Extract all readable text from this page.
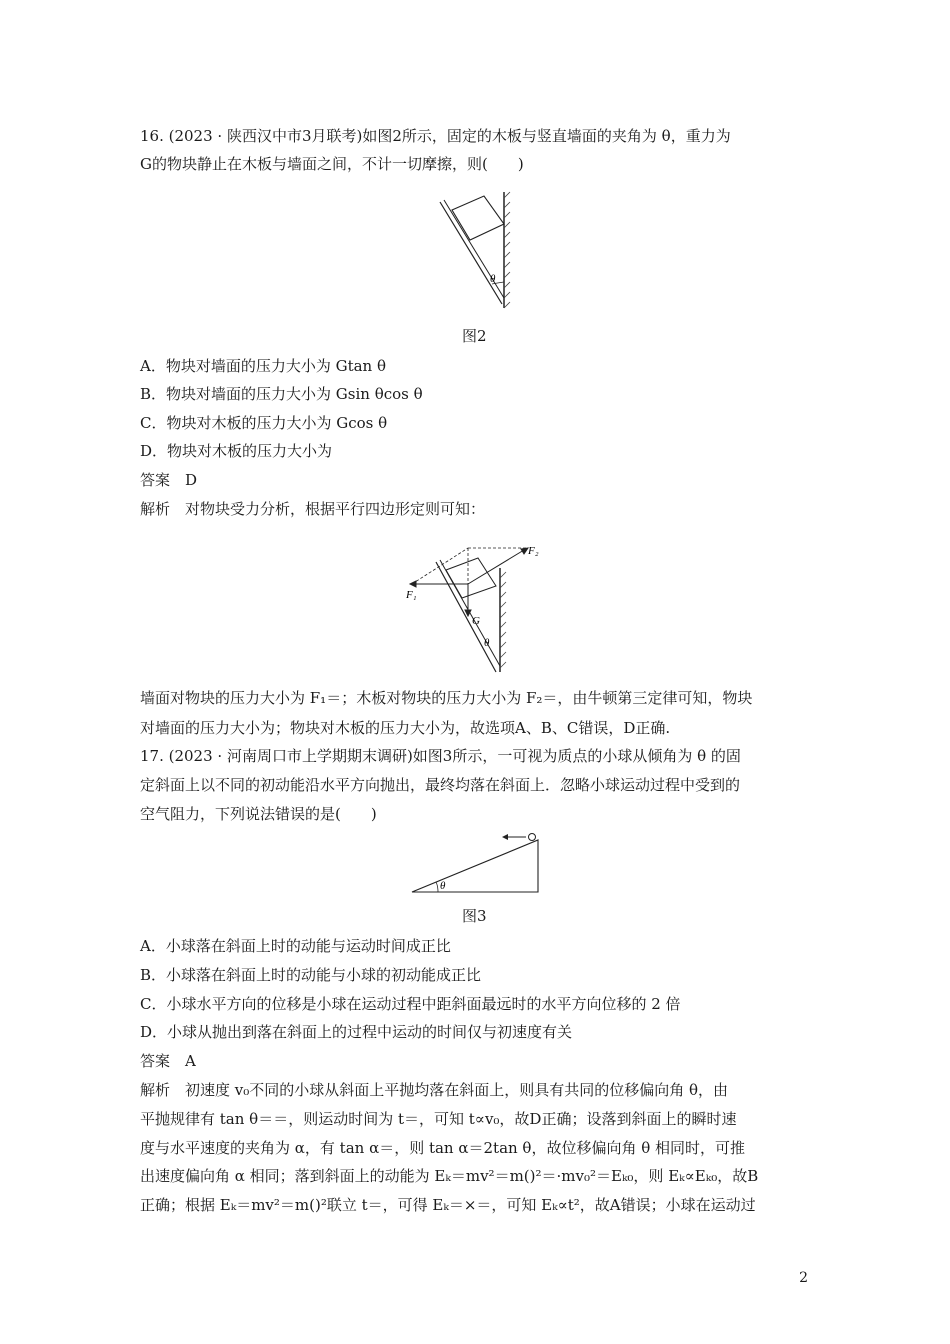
16. (2023 · 陕西汉中市3月联考)如图2所示，固定的木板与竖直墙面的夹角为 θ，重力为
G的物块静止在木板与墙面之间，不计一切摩擦，则(　　)
θ
图2
A．物块对墙面的压力大小为 Gtan θ
B．物块对墙面的压力大小为 Gsin θcos θ
C．物块对木板的压力大小为 Gcos θ
D．物块对木板的压力大小为
答案　D
解析　对物块受力分析，根据平行四边形定则可知：
F₂
F₁
G
θ
墙面对物块的压力大小为 F₁＝；木板对物块的压力大小为 F₂＝，由牛顿第三定律可知，物块
对墙面的压力大小为；物块对木板的压力大小为，故选项A、B、C错误，D正确.
17. (2023 · 河南周口市上学期期末调研)如图3所示，一可视为质点的小球从倾角为 θ 的固
定斜面上以不同的初动能沿水平方向抛出，最终均落在斜面上．忽略小球运动过程中受到的
空气阻力，下列说法错误的是(　　)
θ
图3
A．小球落在斜面上时的动能与运动时间成正比
B．小球落在斜面上时的动能与小球的初动能成正比
C．小球水平方向的位移是小球在运动过程中距斜面最远时的水平方向位移的 2 倍
D．小球从抛出到落在斜面上的过程中运动的时间仅与初速度有关
答案　A
解析　初速度 v₀不同的小球从斜面上平抛均落在斜面上，则具有共同的位移偏向角 θ，由
平抛规律有 tan θ＝＝，则运动时间为 t＝，可知 t∝v₀，故D正确；设落到斜面上的瞬时速
度与水平速度的夹角为 α，有 tan α＝，则 tan α＝2tan θ，故位移偏向角 θ 相同时，可推
出速度偏向角 α 相同；落到斜面上的动能为 Eₖ＝mv²＝m()²＝·mv₀²＝Eₖ₀，则 Eₖ∝Eₖ₀，故B
正确；根据 Eₖ＝mv²＝m()²联立 t＝，可得 Eₖ＝×＝，可知 Eₖ∝t²，故A错误；小球在运动过
2
